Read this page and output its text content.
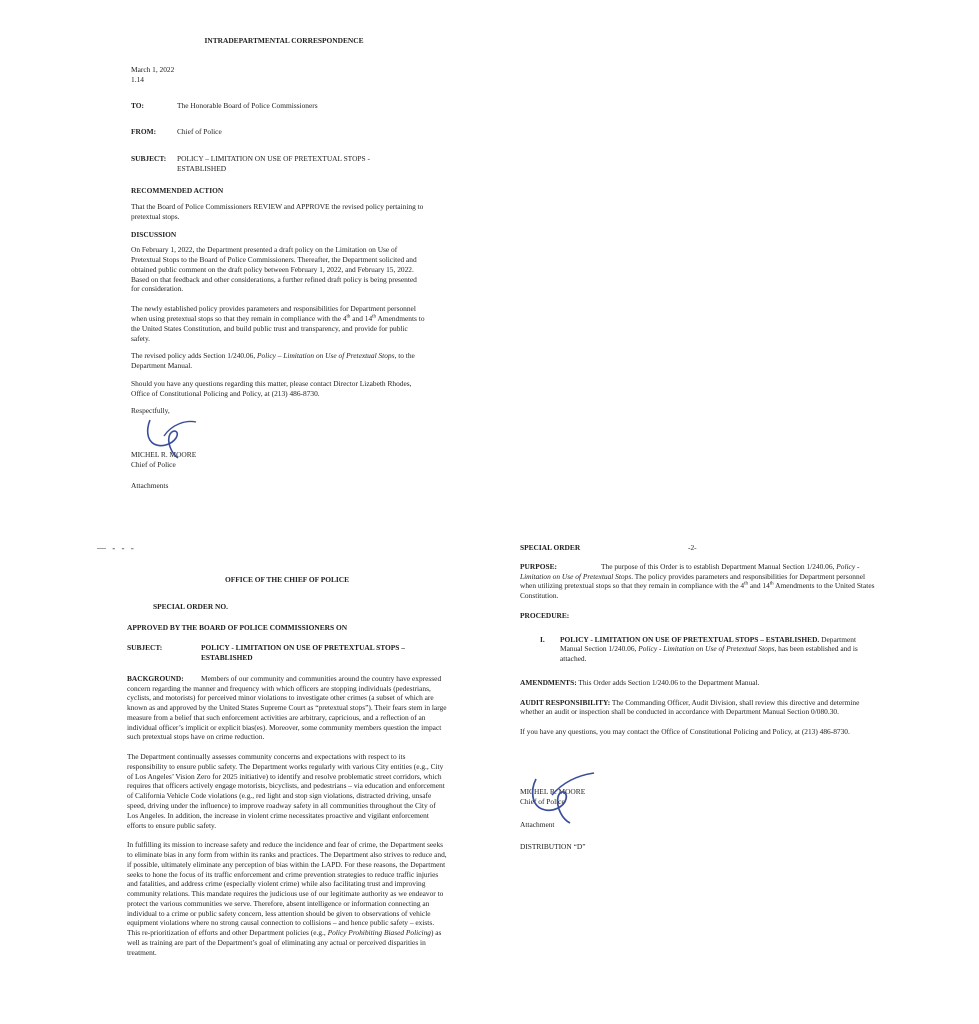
INTRADEPARTMENTAL CORRESPONDENCE

March 1, 2022

1.14

TO:	The Honorable Board of Police Commissioners
FROM:	Chief of Police
SUBJECT:	POLICY – LIMITATION ON USE OF PRETEXTUAL STOPS -
ESTABLISHED

RECOMMENDED ACTION

That the Board of Police Commissioners REVIEW and APPROVE the revised policy pertaining to pretextual stops.

DISCUSSION

On February 1, 2022, the Department presented a draft policy on the Limitation on Use of Pretextual Stops to the Board of Police Commissioners. Thereafter, the Department solicited and obtained public comment on the draft policy between February 1, 2022, and February 15, 2022. Based on that feedback and other considerations, a further refined draft policy is being presented for consideration.

The newly established policy provides parameters and responsibilities for Department personnel when using pretextual stops so that they remain in compliance with the 4th and 14th Amendments to the United States Constitution, and build public trust and transparency, and provide for public safety.

The revised policy adds Section 1/240.06, Policy – Limitation on Use of Pretextual Stops, to the Department Manual.

Should you have any questions regarding this matter, please contact Director Lizabeth Rhodes, Office of Constitutional Policing and Policy, at (213) 486-8730.

Respectfully,

MICHEL R. MOORE

Chief of Police

Attachments

— - - -

OFFICE OF THE CHIEF OF POLICE

SPECIAL ORDER NO.

APPROVED BY THE BOARD OF POLICE COMMISSIONERS ON

SUBJECT:	POLICY - LIMITATION ON USE OF PRETEXTUAL STOPS –
ESTABLISHED

BACKGROUND: Members of our community and communities around the country have expressed concern regarding the manner and frequency with which officers are stopping individuals (pedestrians, cyclists, and motorists) for perceived minor violations to investigate other crimes (a subset of which are known as and approved by the United States Supreme Court as “pretextual stops”). Their fears stem in large measure from a belief that such enforcement activities are arbitrary, capricious, and a reflection of an individual officer’s implicit or explicit bias(es). Moreover, some community members question the impact such pretextual stops have on crime reduction.

The Department continually assesses community concerns and expectations with respect to its responsibility to ensure public safety. The Department works regularly with various City entities (e.g., City of Los Angeles’ Vision Zero for 2025 initiative) to identify and resolve problematic street corridors, which requires that officers actively engage motorists, bicyclists, and pedestrians – via education and enforcement of California Vehicle Code violations (e.g., red light and stop sign violations, distracted driving, unsafe speed, driving under the influence) to improve roadway safety in all communities throughout the City of Los Angeles. In addition, the increase in violent crime necessitates proactive and vigilant enforcement efforts to ensure public safety.

In fulfilling its mission to increase safety and reduce the incidence and fear of crime, the Department seeks to eliminate bias in any form from within its ranks and practices. The Department also strives to reduce and, if possible, ultimately eliminate any perception of bias within the LAPD. For these reasons, the Department seeks to hone the focus of its traffic enforcement and crime prevention strategies to reduce traffic injuries and fatalities, and address crime (especially violent crime) while also facilitating trust and improving community relations. This mandate requires the judicious use of our legitimate authority as we endeavor to protect the various communities we serve. Therefore, absent intelligence or information connecting an individual to a crime or public safety concern, less attention should be given to observations of vehicle equipment violations where no strong causal connection to collisions – and hence public safety – exists. This re-prioritization of efforts and other Department policies (e.g., Policy Prohibiting Biased Policing) as well as training are part of the Department’s goal of eliminating any actual or perceived disparities in treatment.

SPECIAL ORDER	-2-

PURPOSE:	The purpose of this Order is to establish Department Manual Section 1/240.06, Policy - Limitation on Use of Pretextual Stops. The policy provides parameters and responsibilities for Department personnel when utilizing pretextual stops so that they remain in compliance with the 4th and 14th Amendments to the United States Constitution.

PROCEDURE:

I.	POLICY - LIMITATION ON USE OF PRETEXTUAL STOPS – ESTABLISHED. Department Manual Section 1/240.06, Policy - Limitation on Use of Pretextual Stops, has been established and is attached.

AMENDMENTS: This Order adds Section 1/240.06 to the Department Manual.

AUDIT RESPONSIBILITY: The Commanding Officer, Audit Division, shall review this directive and determine whether an audit or inspection shall be conducted in accordance with Department Manual Section 0/080.30.

If you have any questions, you may contact the Office of Constitutional Policing and Policy, at (213) 486-8730.

MICHEL R. MOORE

Chief of Police

Attachment

DISTRIBUTION “D”
